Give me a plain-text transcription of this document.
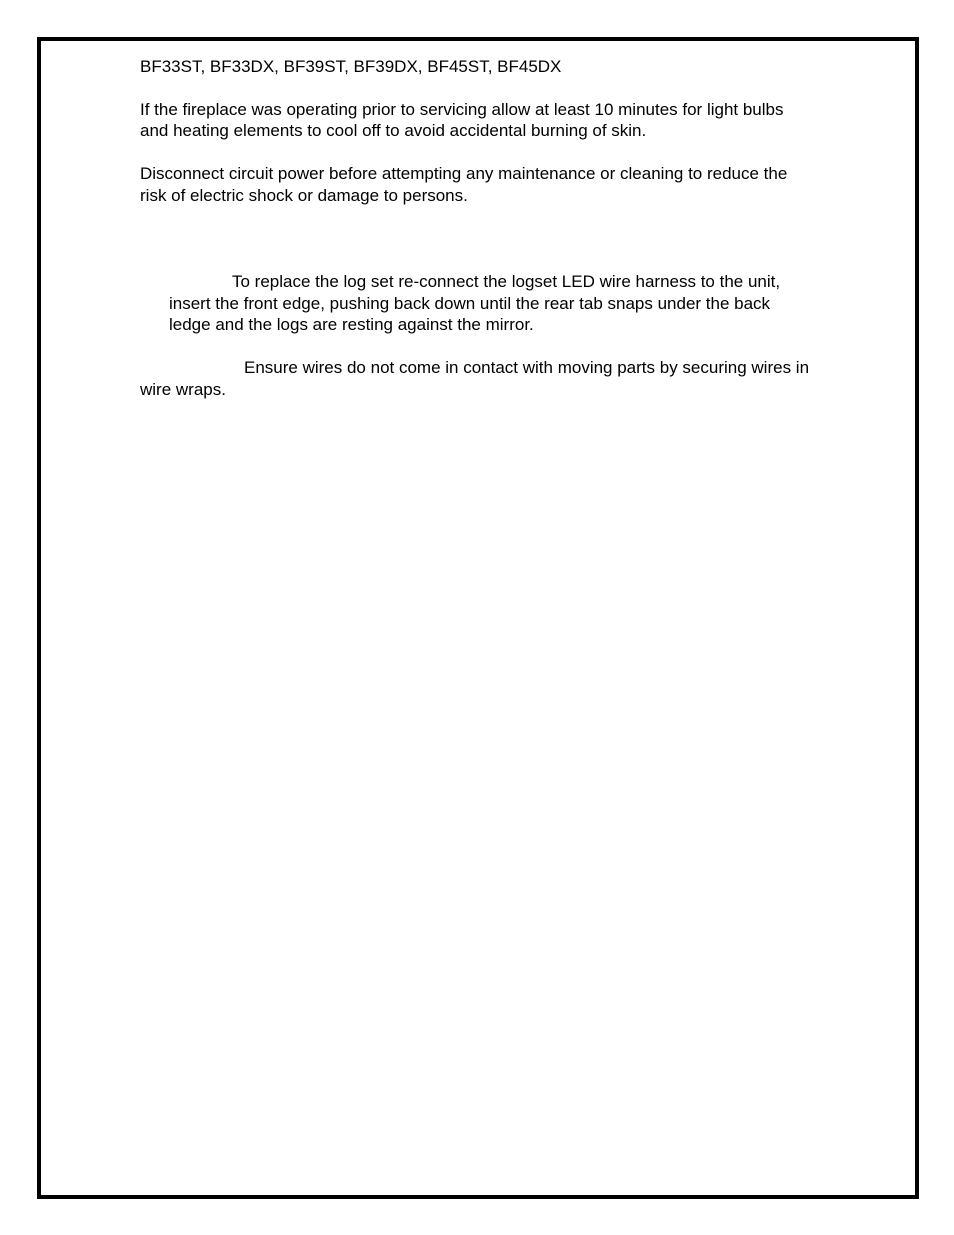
BF33ST, BF33DX, BF39ST, BF39DX, BF45ST, BF45DX
If the fireplace was operating prior to servicing allow at least 10 minutes for light bulbs
and heating elements to cool off to avoid accidental burning of skin.
Disconnect circuit power before attempting any maintenance or cleaning to reduce the
risk of electric shock or damage to persons.
To replace the log set re-connect the logset LED wire harness to the unit,
insert the front edge, pushing back down until the rear tab snaps under the back
ledge and the logs are resting against the mirror.
Ensure wires do not come in contact with moving parts by securing wires in
wire wraps.
